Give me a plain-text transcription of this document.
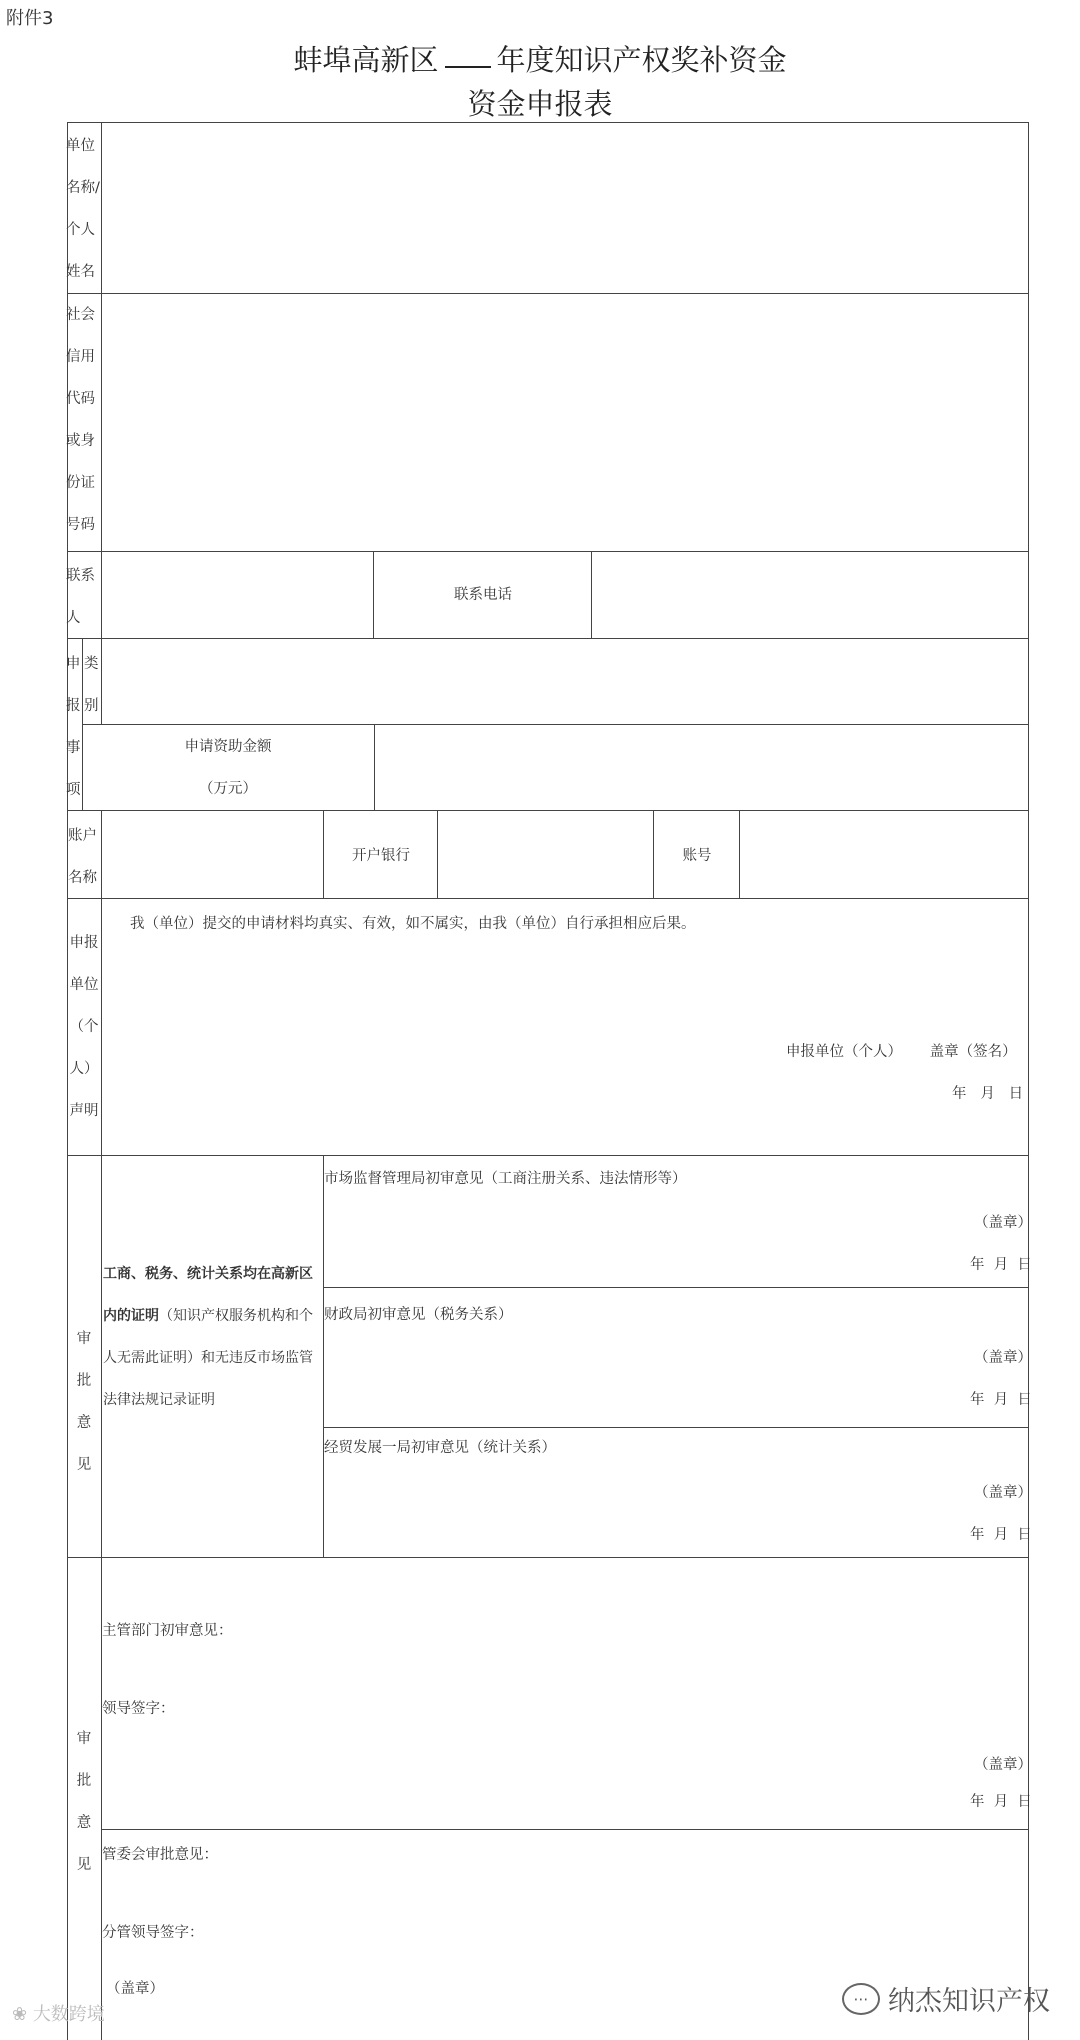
附件3
蚌埠高新区 年度知识产权奖补资金
资金申报表
单位名称/个人姓名
社会信用代码或身份证号码
联系人
联系电话
申报事项
类别
申请资助金额
（万元）
账户名称
开户银行	账号
申报单位（个人）声明
我（单位）提交的申请材料均真实、有效，如不属实，由我（单位）自行承担相应后果。
申报单位（个人）      盖章（签名）
年   月   日
审批意见
工商、税务、统计关系均在高新区内的证明（知识产权服务机构和个人无需此证明）和无违反市场监管法律法规记录证明
市场监督管理局初审意见（工商注册关系、违法情形等）
（盖章）
年  月  日
财政局初审意见（税务关系）
（盖章）
年  月  日
经贸发展一局初审意见（统计关系）
（盖章）
年  月  日
审批意见
主管部门初审意见：
领导签字：
（盖章）
年  月  日
管委会审批意见：
分管领导签字：
（盖章）
❀ 大数跨境
⋯ 纳杰知识产权
